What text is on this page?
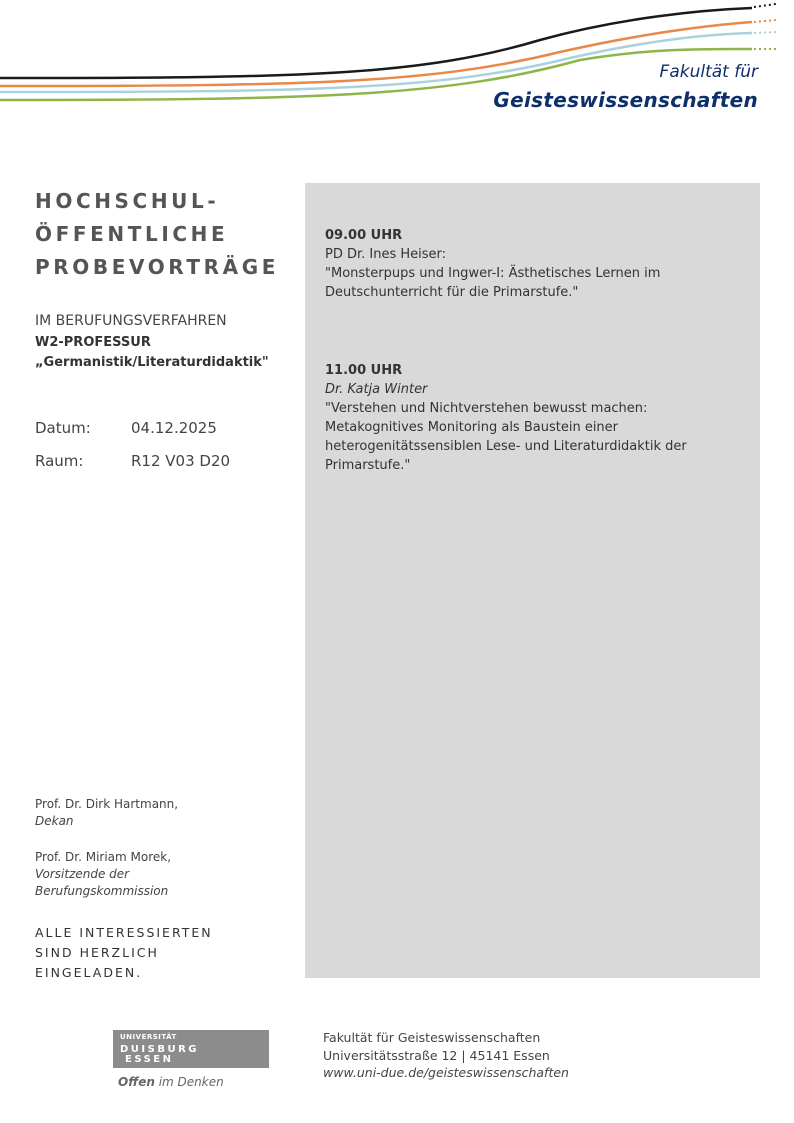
Fakultät für
Geisteswissenschaften
HOCHSCHUL-
ÖFFENTLICHE
PROBEVORTRÄGE
IM BERUFUNGSVERFAHREN
W2-PROFESSUR
„Germanistik/Literaturdidaktik"
Datum:	04.12.2025
Raum:	R12 V03 D20
09.00 UHR
PD Dr. Ines Heiser:
"Monsterpups und Ingwer-I: Ästhetisches Lernen im
Deutschunterricht für die Primarstufe."
11.00 UHR
Dr. Katja Winter
"Verstehen und Nichtverstehen bewusst machen:
Metakognitives Monitoring als Baustein einer
heterogenitätssensiblen Lese- und Literaturdidaktik der
Primarstufe."
Prof. Dr. Dirk Hartmann,
Dekan
Prof. Dr. Miriam Morek,
Vorsitzende der
Berufungskommission
ALLE INTERESSIERTEN
SIND HERZLICH
EINGELADEN.
UNIVERSITÄT
DUISBURG
ESSEN
Offen im Denken
Fakultät für Geisteswissenschaften
Universitätsstraße 12 | 45141 Essen
www.uni-due.de/geisteswissenschaften
